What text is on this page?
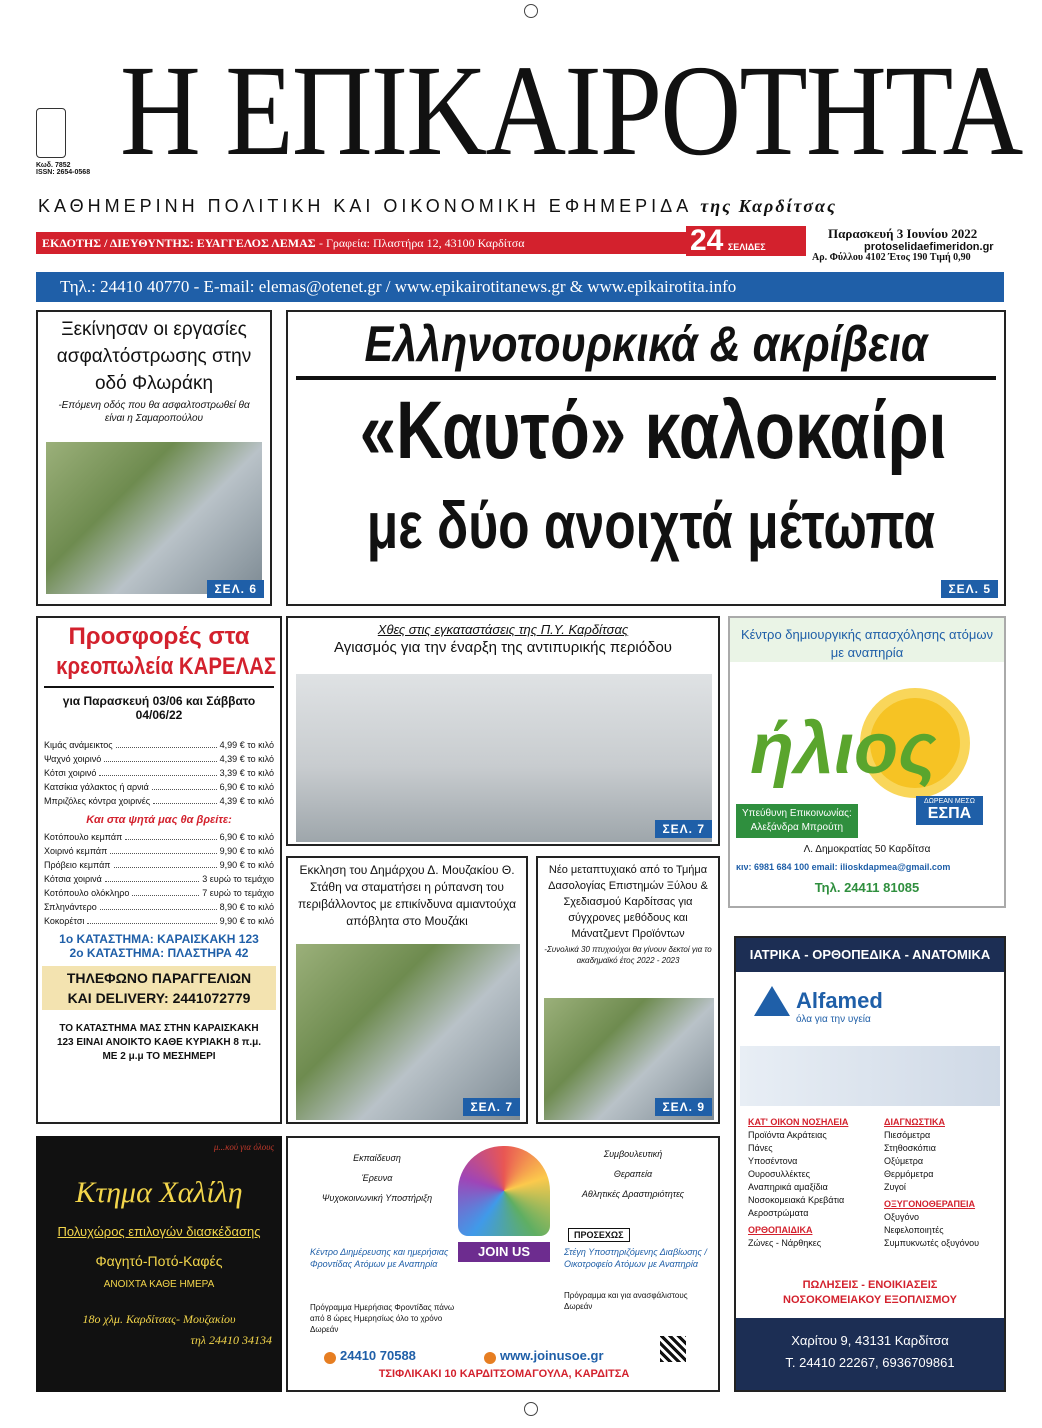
Κωδ. 7852
ISSN: 2654-0568 Η ΕΠΙΚΑΙΡΟΤΗΤΑ
ΚΑΘΗΜΕΡΙΝΗ ΠΟΛΙΤΙΚΗ ΚΑΙ ΟΙΚΟΝΟΜΙΚΗ ΕΦΗΜΕΡΙΔΑ της Καρδίτσας
ΕΚΔΟΤΗΣ / ΔΙΕΥΘΥΝΤΗΣ: ΕΥΑΓΓΕΛΟΣ ΛΕΜΑΣ - Γραφεία: Πλαστήρα 12, 43100 Καρδίτσα	24 ΣΕΛΙΔΕΣ
Παρασκευή 3 Ιουνίου 2022
protoselidaefimeridon.gr
Αρ. Φύλλου 4102 Έτος 190 Τιμή 0,90
Τηλ.: 24410 40770 - E-mail: elemas@otenet.gr / www.epikairotitanews.gr & www.epikairotita.info
Ξεκίνησαν οι εργασίες ασφαλτόστρωσης στην οδό Φλωράκη
-Επόμενη οδός που θα ασφαλτοστρωθεί θα είναι η Σαμαροπούλου
ΣΕΛ. 6
Ελληνοτουρκικά & ακρίβεια
«Καυτό» καλοκαίρι
με δύο ανοιχτά μέτωπα
ΣΕΛ. 5
Προσφορές στα
κρεοπωλεία ΚΑΡΕΛΑΣ
για Παρασκευή 03/06 και Σάββατο 04/06/22
Κιμάς ανάμεικτος	4,99 € το κιλό
Ψαχνό χοιρινό	4,39 € το κιλό
Κότσι χοιρινό	3,39 € το κιλό
Κατσίκια γάλακτος ή αρνιά	6,90 € το κιλό
Μπριζόλες κόντρα χοιρινές	4,39 € το κιλό
Και στα ψητά μας θα βρείτε:
Κοτόπουλο κεμπάπ	6,90 € το κιλό
Χοιρινό κεμπάπ	9,90 € το κιλό
Πρόβειο κεμπάπ	9,90 € το κιλό
Κότσια χοιρινά	3 ευρώ το τεμάχιο
Κοτόπουλο ολόκληρο	7 ευρώ το τεμάχιο
Σπληνάντερο	8,90 € το κιλό
Κοκορέτσι	9,90 € το κιλό
1ο ΚΑΤΑΣΤΗΜΑ: ΚΑΡΑΙΣΚΑΚΗ 123
2ο ΚΑΤΑΣΤΗΜΑ: ΠΛΑΣΤΗΡΑ 42
ΤΗΛΕΦΩΝΟ ΠΑΡΑΓΓΕΛΙΩΝ
ΚΑΙ DELIVERY: 2441072779
ΤΟ ΚΑΤΑΣΤΗΜΑ ΜΑΣ ΣΤΗΝ ΚΑΡΑΙΣΚΑΚΗ 123 ΕΙΝΑΙ ΑΝΟΙΚΤΟ ΚΑΘΕ ΚΥΡΙΑΚΗ 8 π.μ. ΜΕ 2 μ.μ ΤΟ ΜΕΣΗΜΕΡΙ
Χθες στις εγκαταστάσεις της Π.Υ. Καρδίτσας
Αγιασμός για την έναρξη της αντιπυρικής περιόδου
ΣΕΛ. 7
Κέντρο δημιουργικής απασχόλησης ατόμων με αναπηρία
ήλιος
ΔΩΡΕΑΝ ΜΕΣΩ
ΕΣΠΑ
Υπεύθυνη Επικοινωνίας:
Αλεξάνδρα Μπρούτη
Λ. Δημοκρατίας 50 Καρδίτσα
κιν: 6981 684 100 email: ilioskdapmea@gmail.com
Τηλ. 24411 81085
Εκκληση του Δημάρχου Δ. Μουζακίου Θ. Στάθη να σταματήσει η ρύπανση του περιβάλλοντος με επικίνδυνα αμιαντούχα απόβλητα στο Μουζάκι
ΣΕΛ. 7
Νέο μεταπτυχιακό από το Τμήμα Δασολογίας Επιστημών Ξύλου & Σχεδιασμού Καρδίτσας για σύγχρονες μεθόδους και Μάνατζμεντ Προϊόντων
-Συνολικά 30 πτυχιούχοι θα γίνουν δεκτοί για το ακαδημαϊκό έτος 2022 - 2023
ΣΕΛ. 9
ΙΑΤΡΙΚΑ - ΟΡΘΟΠΕΔΙΚΑ - ΑΝΑΤΟΜΙΚΑ
Alfamed
όλα για την υγεία
ΚΑΤ' ΟΙΚΟΝ ΝΟΣΗΛΕΙΑ
Προϊόντα Ακράτειας
Πάνες
Υποσέντονα
Ουροσυλλέκτες
Αναπηρικά αμαξίδια
Νοσοκομειακά Κρεβάτια
Αεροστρώματα
ΟΡΘΟΠΑΙΔΙΚΑ
Ζώνες - Νάρθηκες
ΔΙΑΓΝΩΣΤΙΚΑ
Πιεσόμετρα
Στηθοσκόπια
Οξύμετρα
Θερμόμετρα
Ζυγοί
ΟΞΥΓΟΝΟΘΕΡΑΠΕΙΑ
Οξυγόνο
Νεφελοποιητές
Συμπυκνωτές οξυγόνου
ΠΩΛΗΣΕΙΣ - ΕΝΟΙΚΙΑΣΕΙΣ
ΝΟΣΟΚΟΜΕΙΑΚΟΥ ΕΞΟΠΛΙΣΜΟΥ
Χαρίτου 9, 43131 Καρδίτσα
Τ. 24410 22267, 6936709861
μ...κού για όλους
Κτημα Χαλίλη
Πολυχώρος επιλογών διασκέδασης
Φαγητό-Ποτό-Καφές
ΑΝΟΙΧΤΑ ΚΑΘΕ ΗΜΕΡΑ
18ο χλμ. Καρδίτσας- Μουζακίου
τηλ 24410 34134
Εκπαίδευση
Έρευνα
Ψυχοκοινωνική Υποστήριξη
Συμβουλευτική
Θεραπεία
Αθλητικές Δραστηριότητες
JOIN US
ΠΡΟΣΕΧΩΣ
Κέντρο Διημέρευσης και ημερήσιας Φροντίδας Ατόμων με Αναπηρία
Πρόγραμμα Ημερήσιας Φροντίδας πάνω από 8 ώρες Ημερησίως όλο το χρόνο Δωρεάν
Στέγη Υποστηριζόμενης Διαβίωσης / Οικοτροφείο Ατόμων με Αναπηρία
Πρόγραμμα και για ανασφάλιστους Δωρεάν
24410 70588	www.joinusoe.gr
ΤΣΙΦΛΙΚΑΚΙ 10 ΚΑΡΔΙΤΣΟΜΑΓΟΥΛΑ, ΚΑΡΔΙΤΣΑ
